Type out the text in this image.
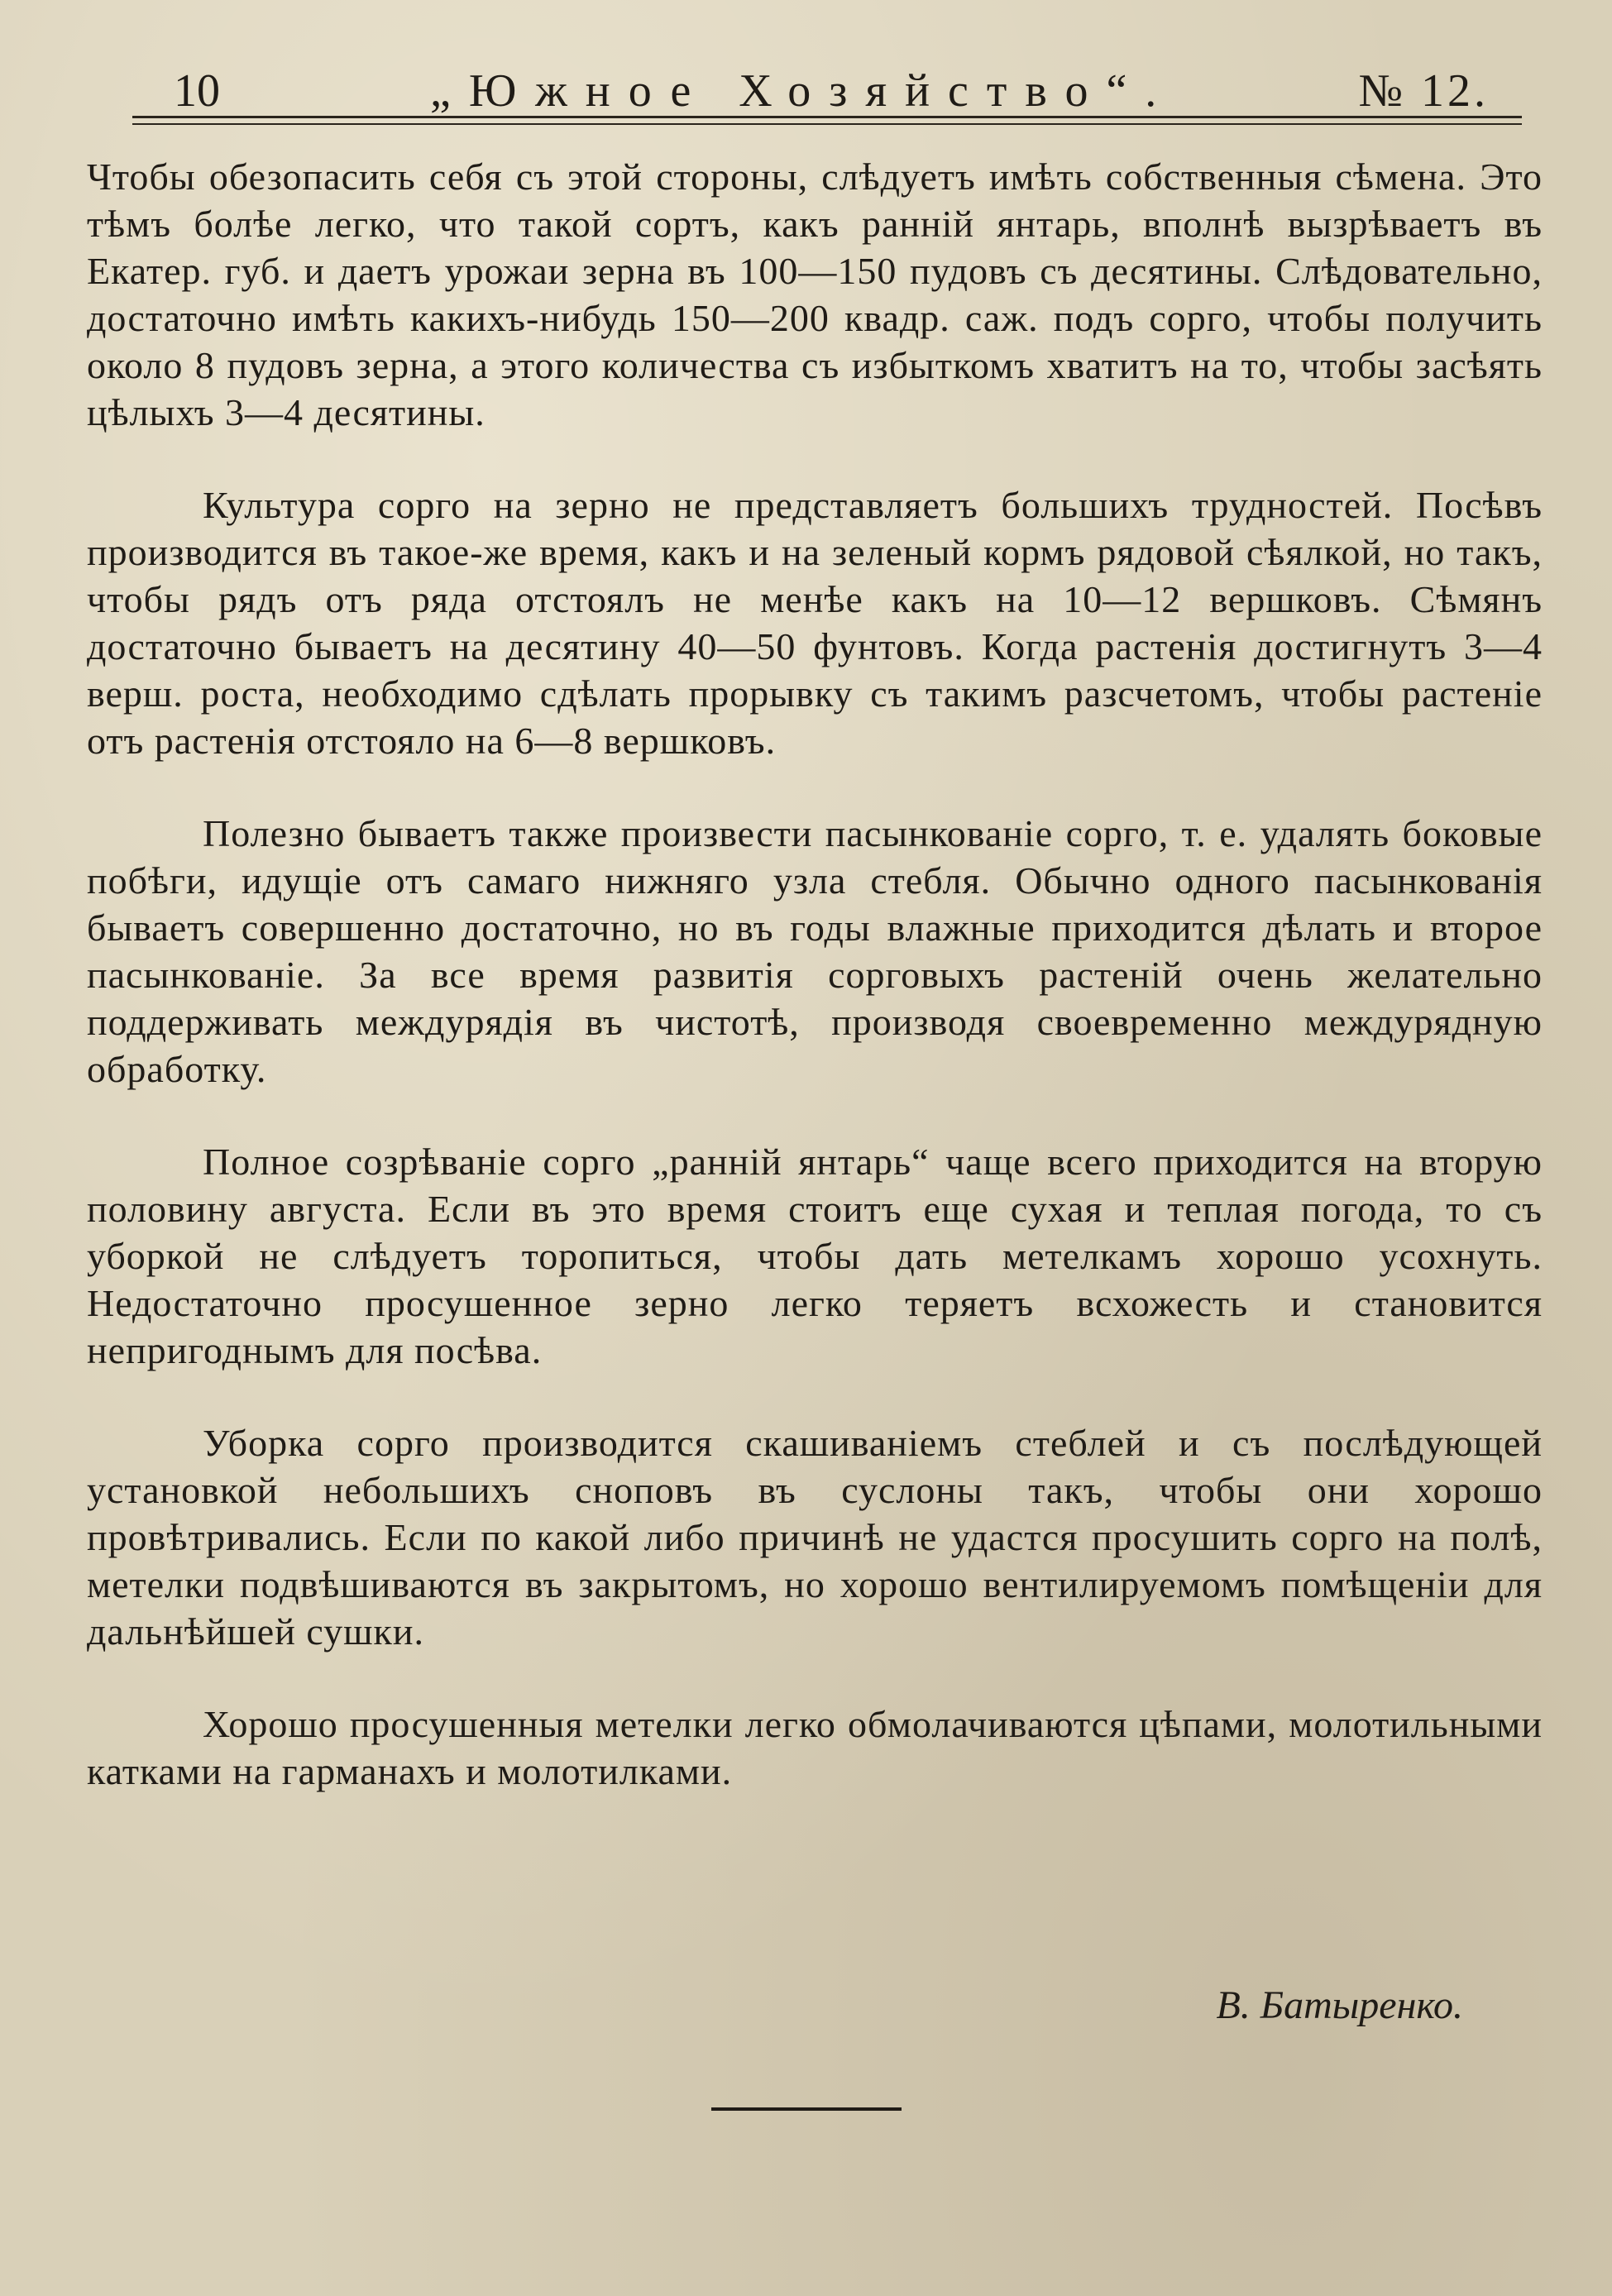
10	„Южное Хозяйство“.	№ 12.

Чтобы обезопасить себя съ этой стороны, слѣдуетъ имѣть собственныя сѣмена. Это тѣмъ болѣе легко, что такой сортъ, какъ ранній янтарь, вполнѣ вызрѣваетъ въ Екатер. губ. и даетъ урожаи зерна въ 100—150 пудовъ съ десятины. Слѣдовательно, достаточно имѣть какихъ-нибудь 150—200 квадр. саж. подъ сорго, чтобы получить около 8 пудовъ зерна, а этого количества съ избыткомъ хватитъ на то, чтобы засѣять цѣлыхъ 3—4 десятины.

Культура сорго на зерно не представляетъ большихъ трудностей. Посѣвъ производится въ такое-же время, какъ и на зеленый кормъ рядовой сѣялкой, но такъ, чтобы рядъ отъ ряда отстоялъ не менѣе какъ на 10—12 вершковъ. Сѣмянъ достаточно бываетъ на десятину 40—50 фунтовъ. Когда растенія достигнутъ 3—4 верш. роста, необходимо сдѣлать прорывку съ такимъ разсчетомъ, чтобы растеніе отъ растенія отстояло на 6—8 вершковъ.

Полезно бываетъ также произвести пасынкованіе сорго, т. е. удалять боковые побѣги, идущіе отъ самаго нижняго узла стебля. Обычно одного пасынкованія бываетъ совершенно достаточно, но въ годы влажные приходится дѣлать и второе пасынкованіе. За все время развитія сорговыхъ растеній очень желательно поддерживать междурядія въ чистотѣ, производя своевременно междурядную обработку.

Полное созрѣваніе сорго „ранній янтарь“ чаще всего приходится на вторую половину августа. Если въ это время стоитъ еще сухая и теплая погода, то съ уборкой не слѣдуетъ торопиться, чтобы дать метелкамъ хорошо усохнуть. Недостаточно просушенное зерно легко теряетъ всхожесть и становится непригоднымъ для посѣва.

Уборка сорго производится скашиваніемъ стеблей и съ послѣдующей установкой небольшихъ сноповъ въ суслоны такъ, чтобы они хорошо провѣтривались. Если по какой либо причинѣ не удастся просушить сорго на полѣ, метелки подвѣшиваются въ закрытомъ, но хорошо вентилируемомъ помѣщеніи для дальнѣйшей сушки.

Хорошо просушенныя метелки легко обмолачиваются цѣпами, молотильными катками на гарманахъ и молотилками.

В. Батыренко.
